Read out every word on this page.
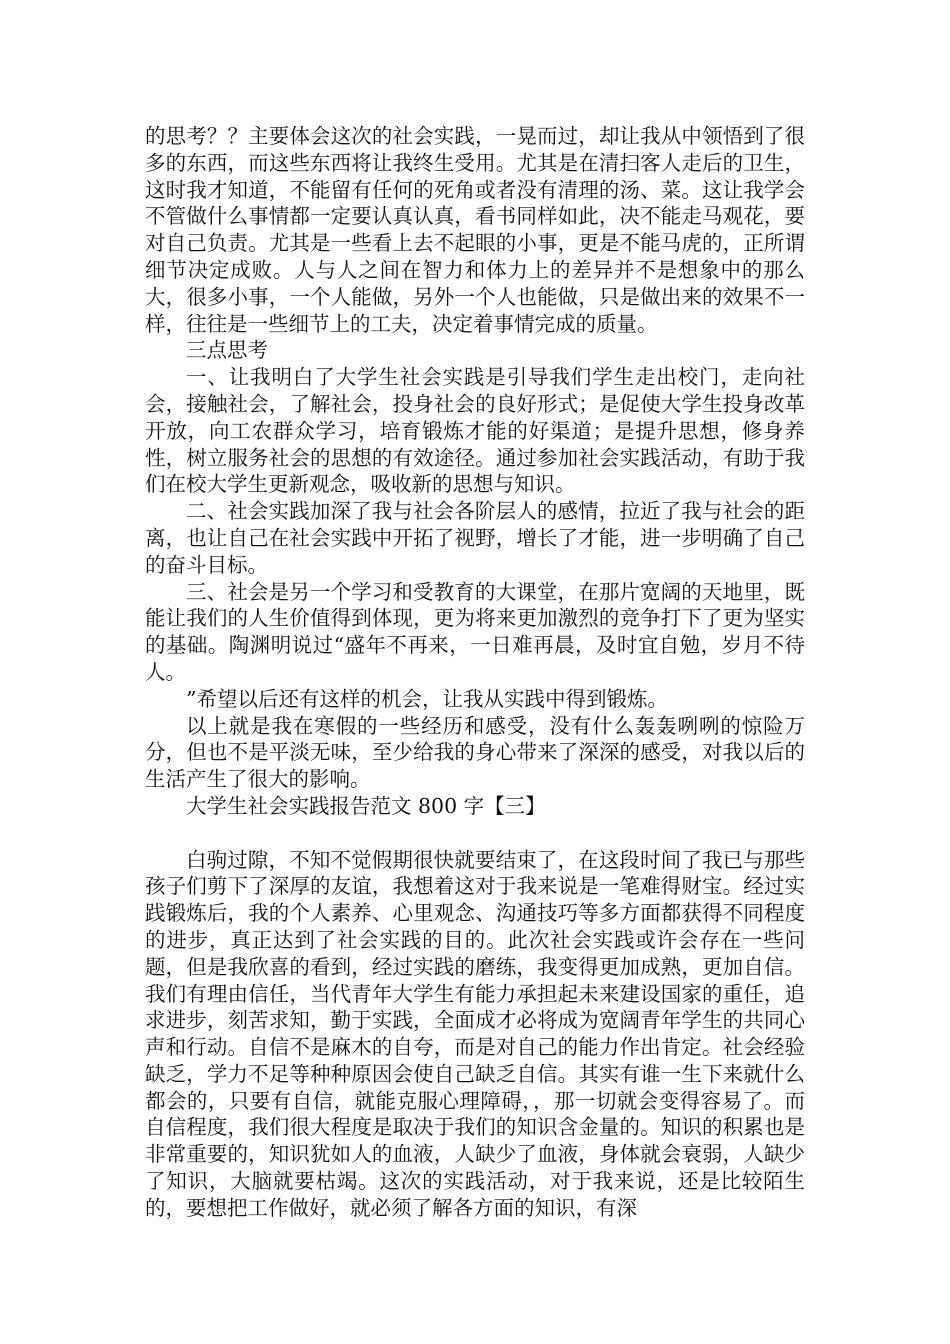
的思考？？主要体会这次的社会实践，一晃而过，却让我从中领悟到了很多的东西，而这些东西将让我终生受用。尤其是在清扫客人走后的卫生，这时我才知道，不能留有任何的死角或者没有清理的汤、菜。这让我学会不管做什么事情都一定要认真认真，看书同样如此，决不能走马观花，要对自己负责。尤其是一些看上去不起眼的小事，更是不能马虎的，正所谓细节决定成败。人与人之间在智力和体力上的差异并不是想象中的那么大，很多小事，一个人能做，另外一个人也能做，只是做出来的效果不一样，往往是一些细节上的工夫，决定着事情完成的质量。

三点思考

一、让我明白了大学生社会实践是引导我们学生走出校门，走向社会，接触社会，了解社会，投身社会的良好形式；是促使大学生投身改革开放，向工农群众学习，培育锻炼才能的好渠道；是提升思想，修身养性，树立服务社会的思想的有效途径。通过参加社会实践活动，有助于我们在校大学生更新观念，吸收新的思想与知识。

二、社会实践加深了我与社会各阶层人的感情，拉近了我与社会的距离，也让自己在社会实践中开拓了视野，增长了才能，进一步明确了自己的奋斗目标。

三、社会是另一个学习和受教育的大课堂，在那片宽阔的天地里，既能让我们的人生价值得到体现，更为将来更加激烈的竞争打下了更为坚实的基础。陶渊明说过“盛年不再来，一日难再晨，及时宜自勉，岁月不待人。

”希望以后还有这样的机会，让我从实践中得到锻炼。

以上就是我在寒假的一些经历和感受，没有什么轰轰咧咧的惊险万分，但也不是平淡无味，至少给我的身心带来了深深的感受，对我以后的生活产生了很大的影响。

大学生社会实践报告范文 800 字【三】

白驹过隙，不知不觉假期很快就要结束了，在这段时间了我已与那些孩子们剪下了深厚的友谊，我想着这对于我来说是一笔难得财宝。经过实践锻炼后，我的个人素养、心里观念、沟通技巧等多方面都获得不同程度的进步，真正达到了社会实践的目的。此次社会实践或许会存在一些问题，但是我欣喜的看到，经过实践的磨练，我变得更加成熟，更加自信。我们有理由信任，当代青年大学生有能力承担起未来建设国家的重任，追求进步，刻苦求知，勤于实践，全面成才必将成为宽阔青年学生的共同心声和行动。自信不是麻木的自夸，而是对自己的能力作出肯定。社会经验缺乏，学力不足等种种原因会使自己缺乏自信。其实有谁一生下来就什么都会的，只要有自信，就能克服心理障碍，，那一切就会变得容易了。而自信程度，我们很大程度是取决于我们的知识含金量的。知识的积累也是非常重要的，知识犹如人的血液，人缺少了血液，身体就会衰弱，人缺少了知识，大脑就要枯竭。这次的实践活动，对于我来说，还是比较陌生的，要想把工作做好，就必须了解各方面的知识，有深
